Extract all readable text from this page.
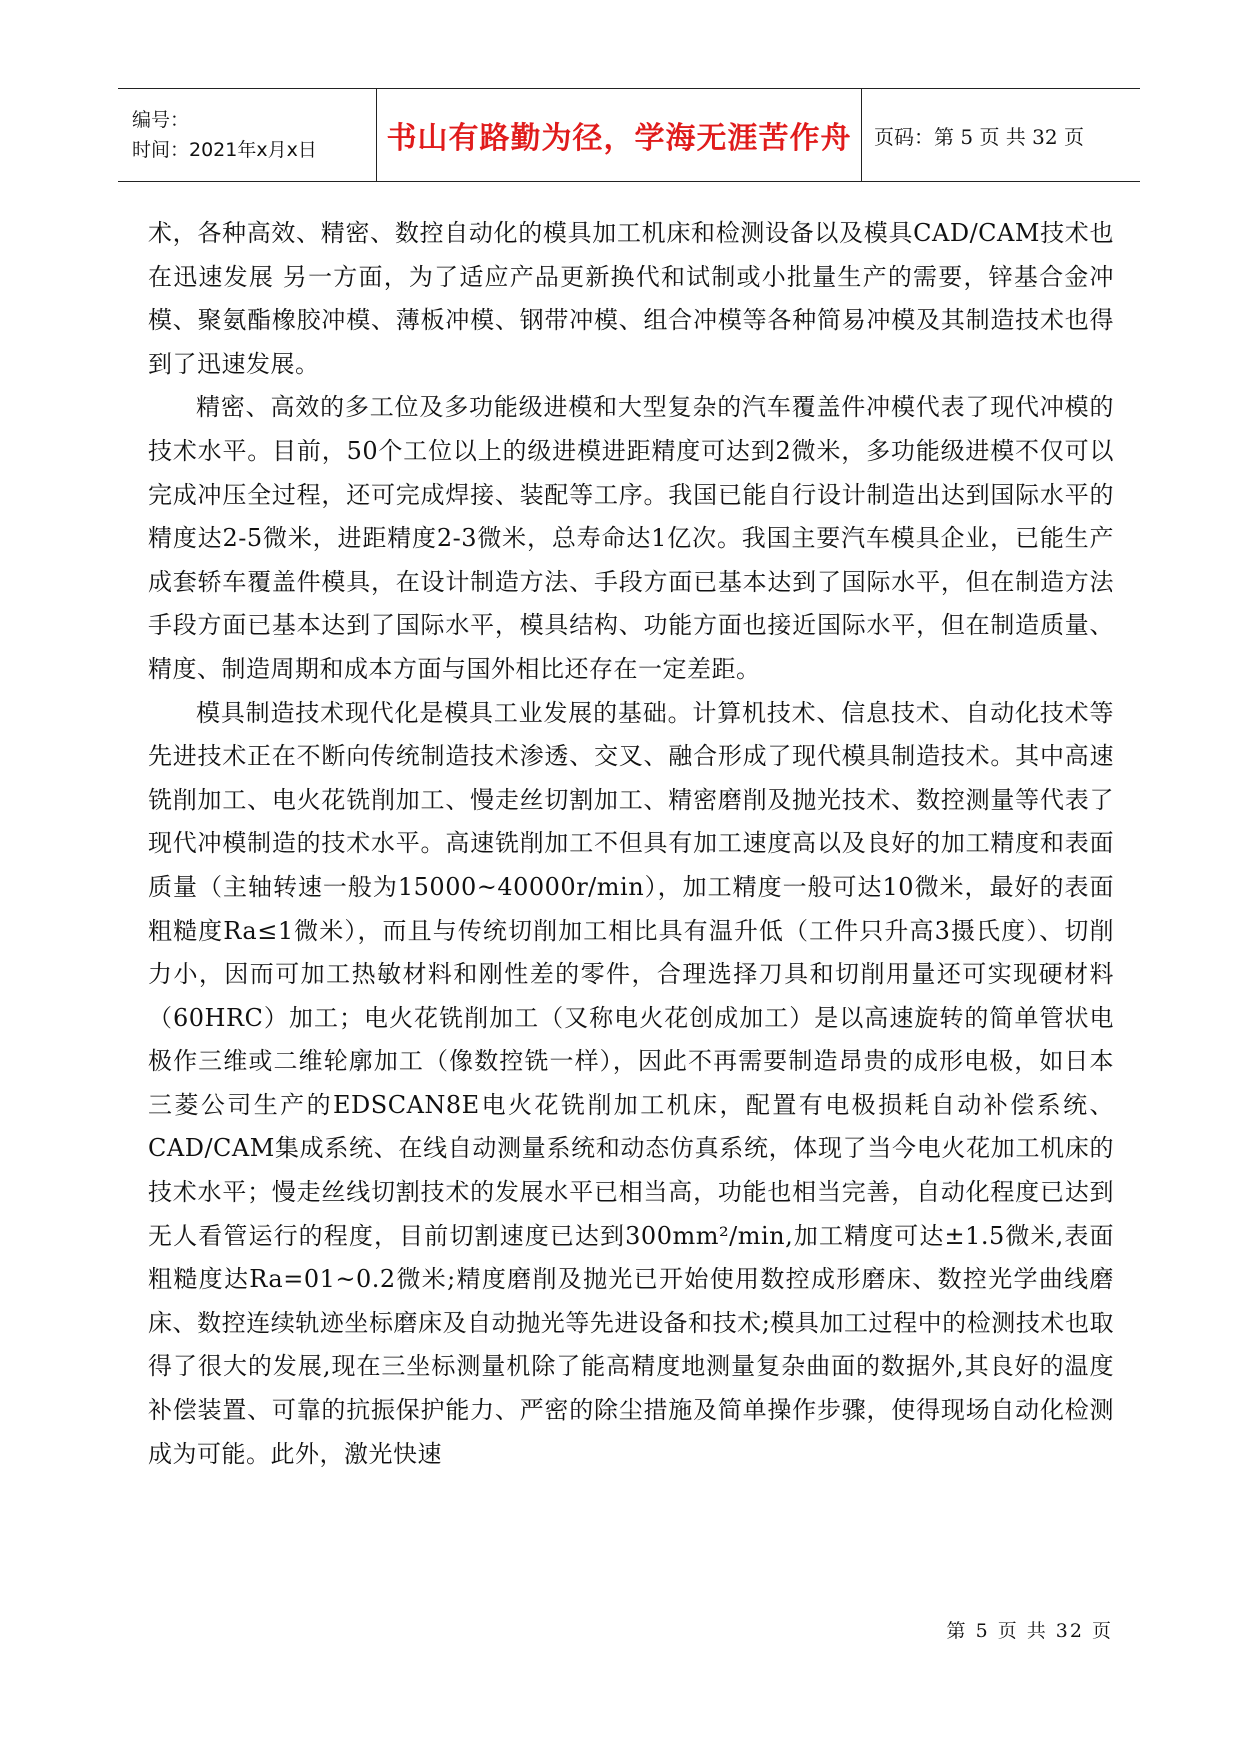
编号：
时间：2021年x月x日	书山有路勤为径，学海无涯苦作舟 页码：第 5 页 共 32 页

术，各种高效、精密、数控自动化的模具加工机床和检测设备以及模具CAD/CAM技术也在迅速发展 另一方面，为了适应产品更新换代和试制或小批量生产的需要，锌基合金冲模、聚氨酯橡胶冲模、薄板冲模、钢带冲模、组合冲模等各种简易冲模及其制造技术也得到了迅速发展。

精密、高效的多工位及多功能级进模和大型复杂的汽车覆盖件冲模代表了现代冲模的技术水平。目前，50个工位以上的级进模进距精度可达到2微米，多功能级进模不仅可以完成冲压全过程，还可完成焊接、装配等工序。我国已能自行设计制造出达到国际水平的精度达2-5微米，进距精度2-3微米，总寿命达1亿次。我国主要汽车模具企业，已能生产成套轿车覆盖件模具，在设计制造方法、手段方面已基本达到了国际水平，但在制造方法手段方面已基本达到了国际水平，模具结构、功能方面也接近国际水平，但在制造质量、精度、制造周期和成本方面与国外相比还存在一定差距。

模具制造技术现代化是模具工业发展的基础。计算机技术、信息技术、自动化技术等先进技术正在不断向传统制造技术渗透、交叉、融合形成了现代模具制造技术。其中高速铣削加工、电火花铣削加工、慢走丝切割加工、精密磨削及抛光技术、数控测量等代表了现代冲模制造的技术水平。高速铣削加工不但具有加工速度高以及良好的加工精度和表面质量（主轴转速一般为15000~40000r/min），加工精度一般可达10微米，最好的表面粗糙度Ra≤1微米），而且与传统切削加工相比具有温升低（工件只升高3摄氏度）、切削力小，因而可加工热敏材料和刚性差的零件，合理选择刀具和切削用量还可实现硬材料（60HRC）加工；电火花铣削加工（又称电火花创成加工）是以高速旋转的简单管状电极作三维或二维轮廓加工（像数控铣一样），因此不再需要制造昂贵的成形电极，如日本三菱公司生产的EDSCAN8E电火花铣削加工机床，配置有电极损耗自动补偿系统、CAD/CAM集成系统、在线自动测量系统和动态仿真系统，体现了当今电火花加工机床的技术水平；慢走丝线切割技术的发展水平已相当高，功能也相当完善，自动化程度已达到无人看管运行的程度，目前切割速度已达到300mm²/min,加工精度可达±1.5微米,表面粗糙度达Ra=01~0.2微米;精度磨削及抛光已开始使用数控成形磨床、数控光学曲线磨床、数控连续轨迹坐标磨床及自动抛光等先进设备和技术;模具加工过程中的检测技术也取得了很大的发展,现在三坐标测量机除了能高精度地测量复杂曲面的数据外,其良好的温度补偿装置、可靠的抗振保护能力、严密的除尘措施及简单操作步骤，使得现场自动化检测成为可能。此外，激光快速

第 5 页 共 32 页
